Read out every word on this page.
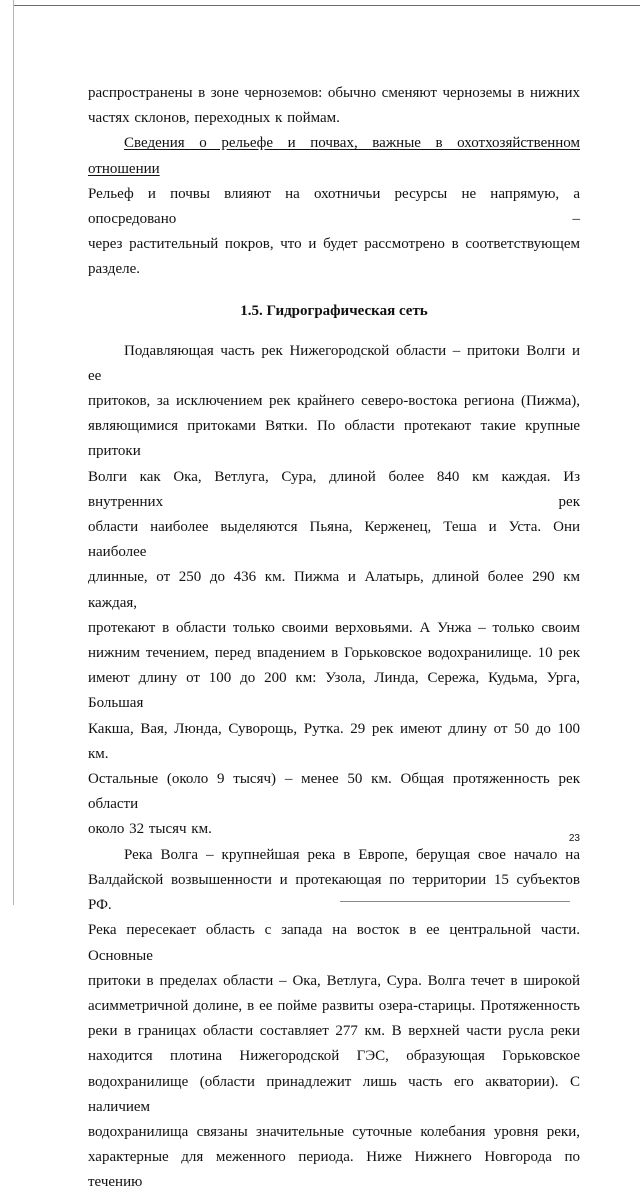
распространены в зоне черноземов: обычно сменяют черноземы в нижних

частях склонов, переходных к поймам.

Сведения о рельефе и почвах, важные в охотхозяйственном отношении

Рельеф и почвы влияют на охотничьи ресурсы не напрямую, а опосредовано –

через растительный покров, что и будет рассмотрено в соответствующем

разделе.

1.5. Гидрографическая сеть

Подавляющая часть рек Нижегородской области – притоки Волги и ее

притоков, за исключением рек крайнего северо-востока региона (Пижма),

являющимися притоками Вятки. По области протекают такие крупные притоки

Волги как Ока, Ветлуга, Сура, длиной более 840 км каждая. Из внутренних рек

области наиболее выделяются Пьяна, Керженец, Теша и Уста. Они наиболее

длинные, от 250 до 436 км. Пижма и Алатырь, длиной более 290 км каждая,

протекают в области только своими верховьями. А Унжа – только своим

нижним течением, перед впадением в Горьковское водохранилище. 10 рек

имеют длину от 100 до 200 км: Узола, Линда, Сережа, Кудьма, Урга, Большая

Какша, Вая, Люнда, Суворощь, Рутка. 29 рек имеют длину от 50 до 100 км.

Остальные (около 9 тысяч) – менее 50 км. Общая протяженность рек области

около 32 тысяч км.

Река Волга – крупнейшая река в Европе, берущая свое начало на

Валдайской возвышенности и протекающая по территории 15 субъектов РФ.

Река пересекает область с запада на восток в ее центральной части. Основные

притоки в пределах области – Ока, Ветлуга, Сура. Волга течет в широкой

асимметричной долине, в ее пойме развиты озера-старицы. Протяженность

реки в границах области составляет 277 км. В верхней части русла реки

находится плотина Нижегородской ГЭС, образующая Горьковское

водохранилище (области принадлежит лишь часть его акватории). С наличием

водохранилища связаны значительные суточные колебания уровня реки,

характерные для меженного периода. Ниже Нижнего Новгорода по течению

23
